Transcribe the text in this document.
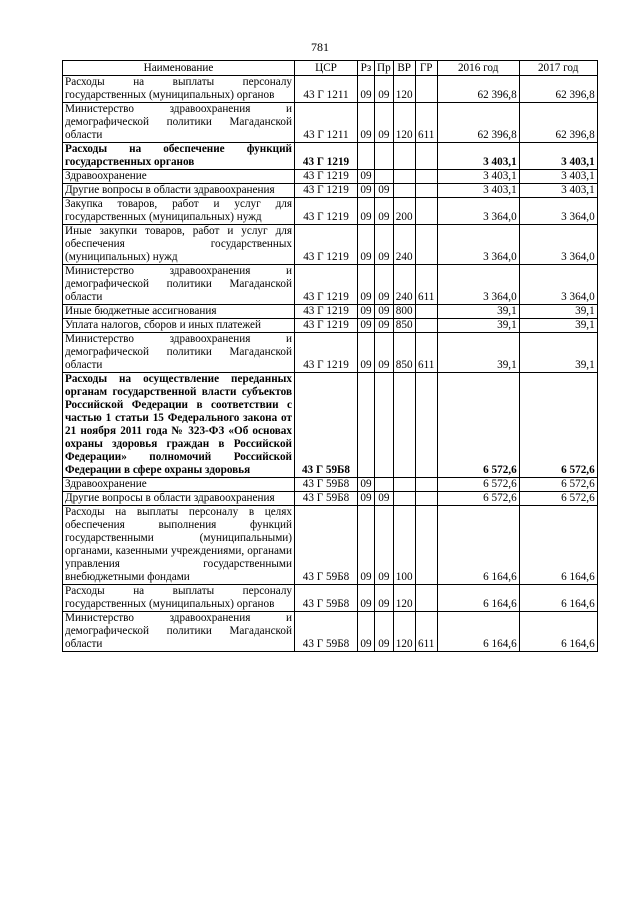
781
Наименование	ЦСР	Рз	Пр	ВР	ГР	2016 год	2017 год
Расходы на выплаты персоналу государственных (муниципальных) органов	43 Г 1211	09	09	120		62 396,8	62 396,8
Министерство здравоохранения и демографической политики Магаданской области	43 Г 1211	09	09	120	611	62 396,8	62 396,8
Расходы на обеспечение функций государственных органов	43 Г 1219					3 403,1	3 403,1
Здравоохранение	43 Г 1219	09				3 403,1	3 403,1
Другие вопросы в области здравоохранения	43 Г 1219	09	09			3 403,1	3 403,1
Закупка товаров, работ и услуг для государственных (муниципальных) нужд	43 Г 1219	09	09	200		3 364,0	3 364,0
Иные закупки товаров, работ и услуг для обеспечения государственных (муниципальных) нужд	43 Г 1219	09	09	240		3 364,0	3 364,0
Министерство здравоохранения и демографической политики Магаданской области	43 Г 1219	09	09	240	611	3 364,0	3 364,0
Иные бюджетные ассигнования	43 Г 1219	09	09	800		39,1	39,1
Уплата налогов, сборов и иных платежей	43 Г 1219	09	09	850		39,1	39,1
Министерство здравоохранения и демографической политики Магаданской области	43 Г 1219	09	09	850	611	39,1	39,1
Расходы на осуществление переданных органам государственной власти субъектов Российской Федерации в соответствии с частью 1 статьи 15 Федерального закона от 21 ноября 2011 года № 323-ФЗ «Об основах охраны здоровья граждан в Российской Федерации» полномочий Российской Федерации в сфере охраны здоровья	43 Г 59Б8					6 572,6	6 572,6
Здравоохранение	43 Г 59Б8	09				6 572,6	6 572,6
Другие вопросы в области здравоохранения	43 Г 59Б8	09	09			6 572,6	6 572,6
Расходы на выплаты персоналу в целях обеспечения выполнения функций государственными (муниципальными) органами, казенными учреждениями, органами управления государственными внебюджетными фондами	43 Г 59Б8	09	09	100		6 164,6	6 164,6
Расходы на выплаты персоналу государственных (муниципальных) органов	43 Г 59Б8	09	09	120		6 164,6	6 164,6
Министерство здравоохранения и демографической политики Магаданской области	43 Г 59Б8	09	09	120	611	6 164,6	6 164,6
